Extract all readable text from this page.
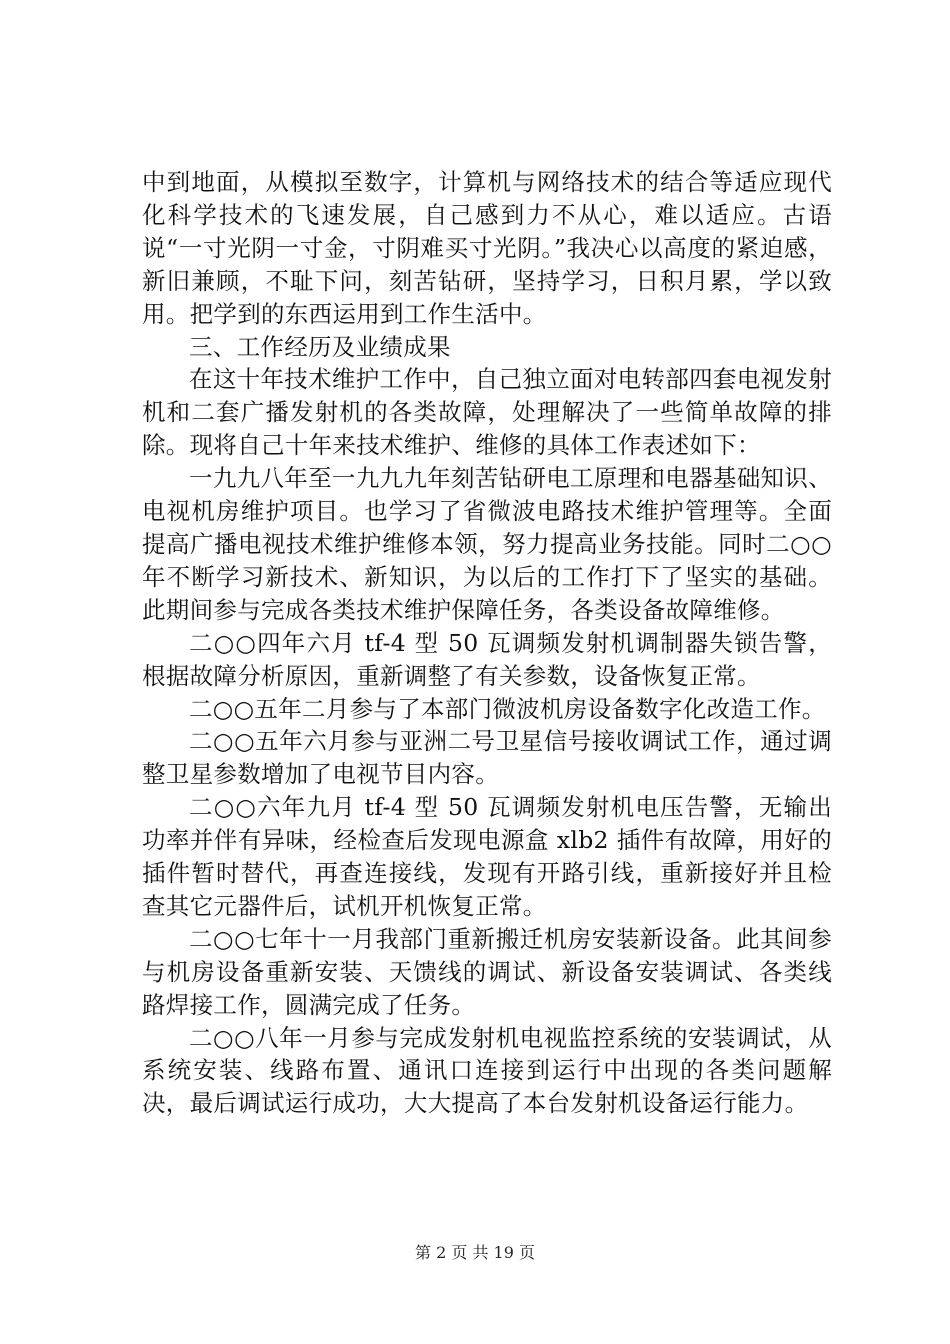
中到地面，从模拟至数字，计算机与网络技术的结合等适应现代化科学技术的飞速发展，自己感到力不从心，难以适应。古语说“一寸光阴一寸金，寸阴难买寸光阴。”我决心以高度的紧迫感，新旧兼顾，不耻下问，刻苦钻研，坚持学习，日积月累，学以致用。把学到的东西运用到工作生活中。

三、工作经历及业绩成果

在这十年技术维护工作中，自己独立面对电转部四套电视发射机和二套广播发射机的各类故障，处理解决了一些简单故障的排除。现将自己十年来技术维护、维修的具体工作表述如下：

一九九八年至一九九九年刻苦钻研电工原理和电器基础知识、电视机房维护项目。也学习了省微波电路技术维护管理等。全面提高广播电视技术维护维修本领，努力提高业务技能。同时二○○年不断学习新技术、新知识，为以后的工作打下了坚实的基础。此期间参与完成各类技术维护保障任务，各类设备故障维修。

二○○四年六月 tf-4 型 50 瓦调频发射机调制器失锁告警，根据故障分析原因，重新调整了有关参数，设备恢复正常。

二○○五年二月参与了本部门微波机房设备数字化改造工作。

二○○五年六月参与亚洲二号卫星信号接收调试工作，通过调整卫星参数增加了电视节目内容。

二○○六年九月 tf-4 型 50 瓦调频发射机电压告警，无输出功率并伴有异味，经检查后发现电源盒 xlb2 插件有故障，用好的插件暂时替代，再查连接线，发现有开路引线，重新接好并且检查其它元器件后，试机开机恢复正常。

二○○七年十一月我部门重新搬迁机房安装新设备。此其间参与机房设备重新安装、天馈线的调试、新设备安装调试、各类线路焊接工作，圆满完成了任务。

二○○八年一月参与完成发射机电视监控系统的安装调试，从系统安装、线路布置、通讯口连接到运行中出现的各类问题解决，最后调试运行成功，大大提高了本台发射机设备运行能力。

第 2 页 共 19 页
